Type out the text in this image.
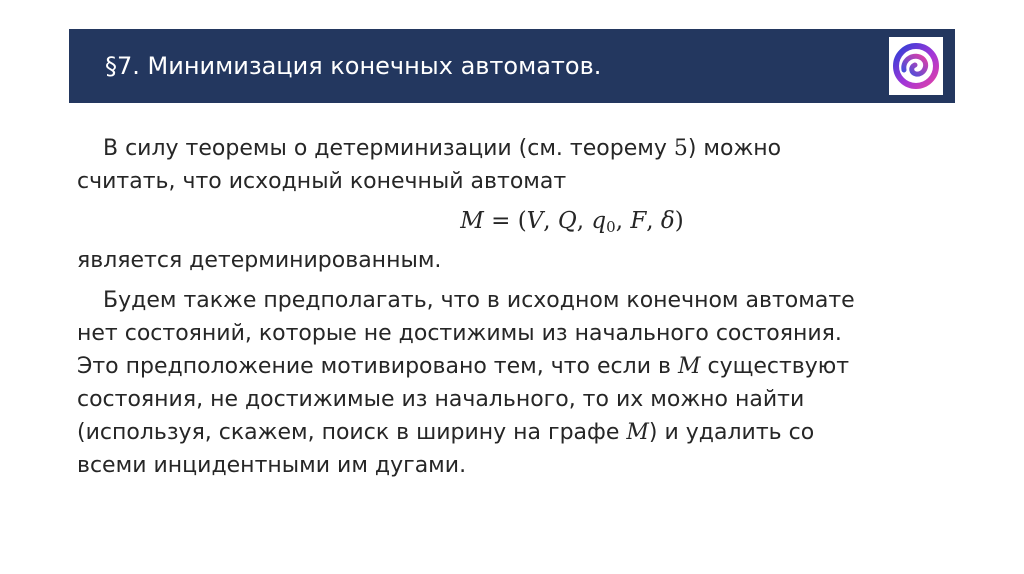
§7. Минимизация конечных автоматов.
В силу теоремы о детерминизации (см. теорему 5) можно
считать, что исходный конечный автомат
M = (V, Q, $q_0$, F, δ)
является детерминированным.
Будем также предполагать, что в исходном конечном автомате
нет состояний, которые не достижимы из начального состояния.
Это предположение мотивировано тем, что если в M существуют
состояния, не достижимые из начального, то их можно найти
(используя, скажем, поиск в ширину на графе M) и удалить со
всеми инцидентными им дугами.
